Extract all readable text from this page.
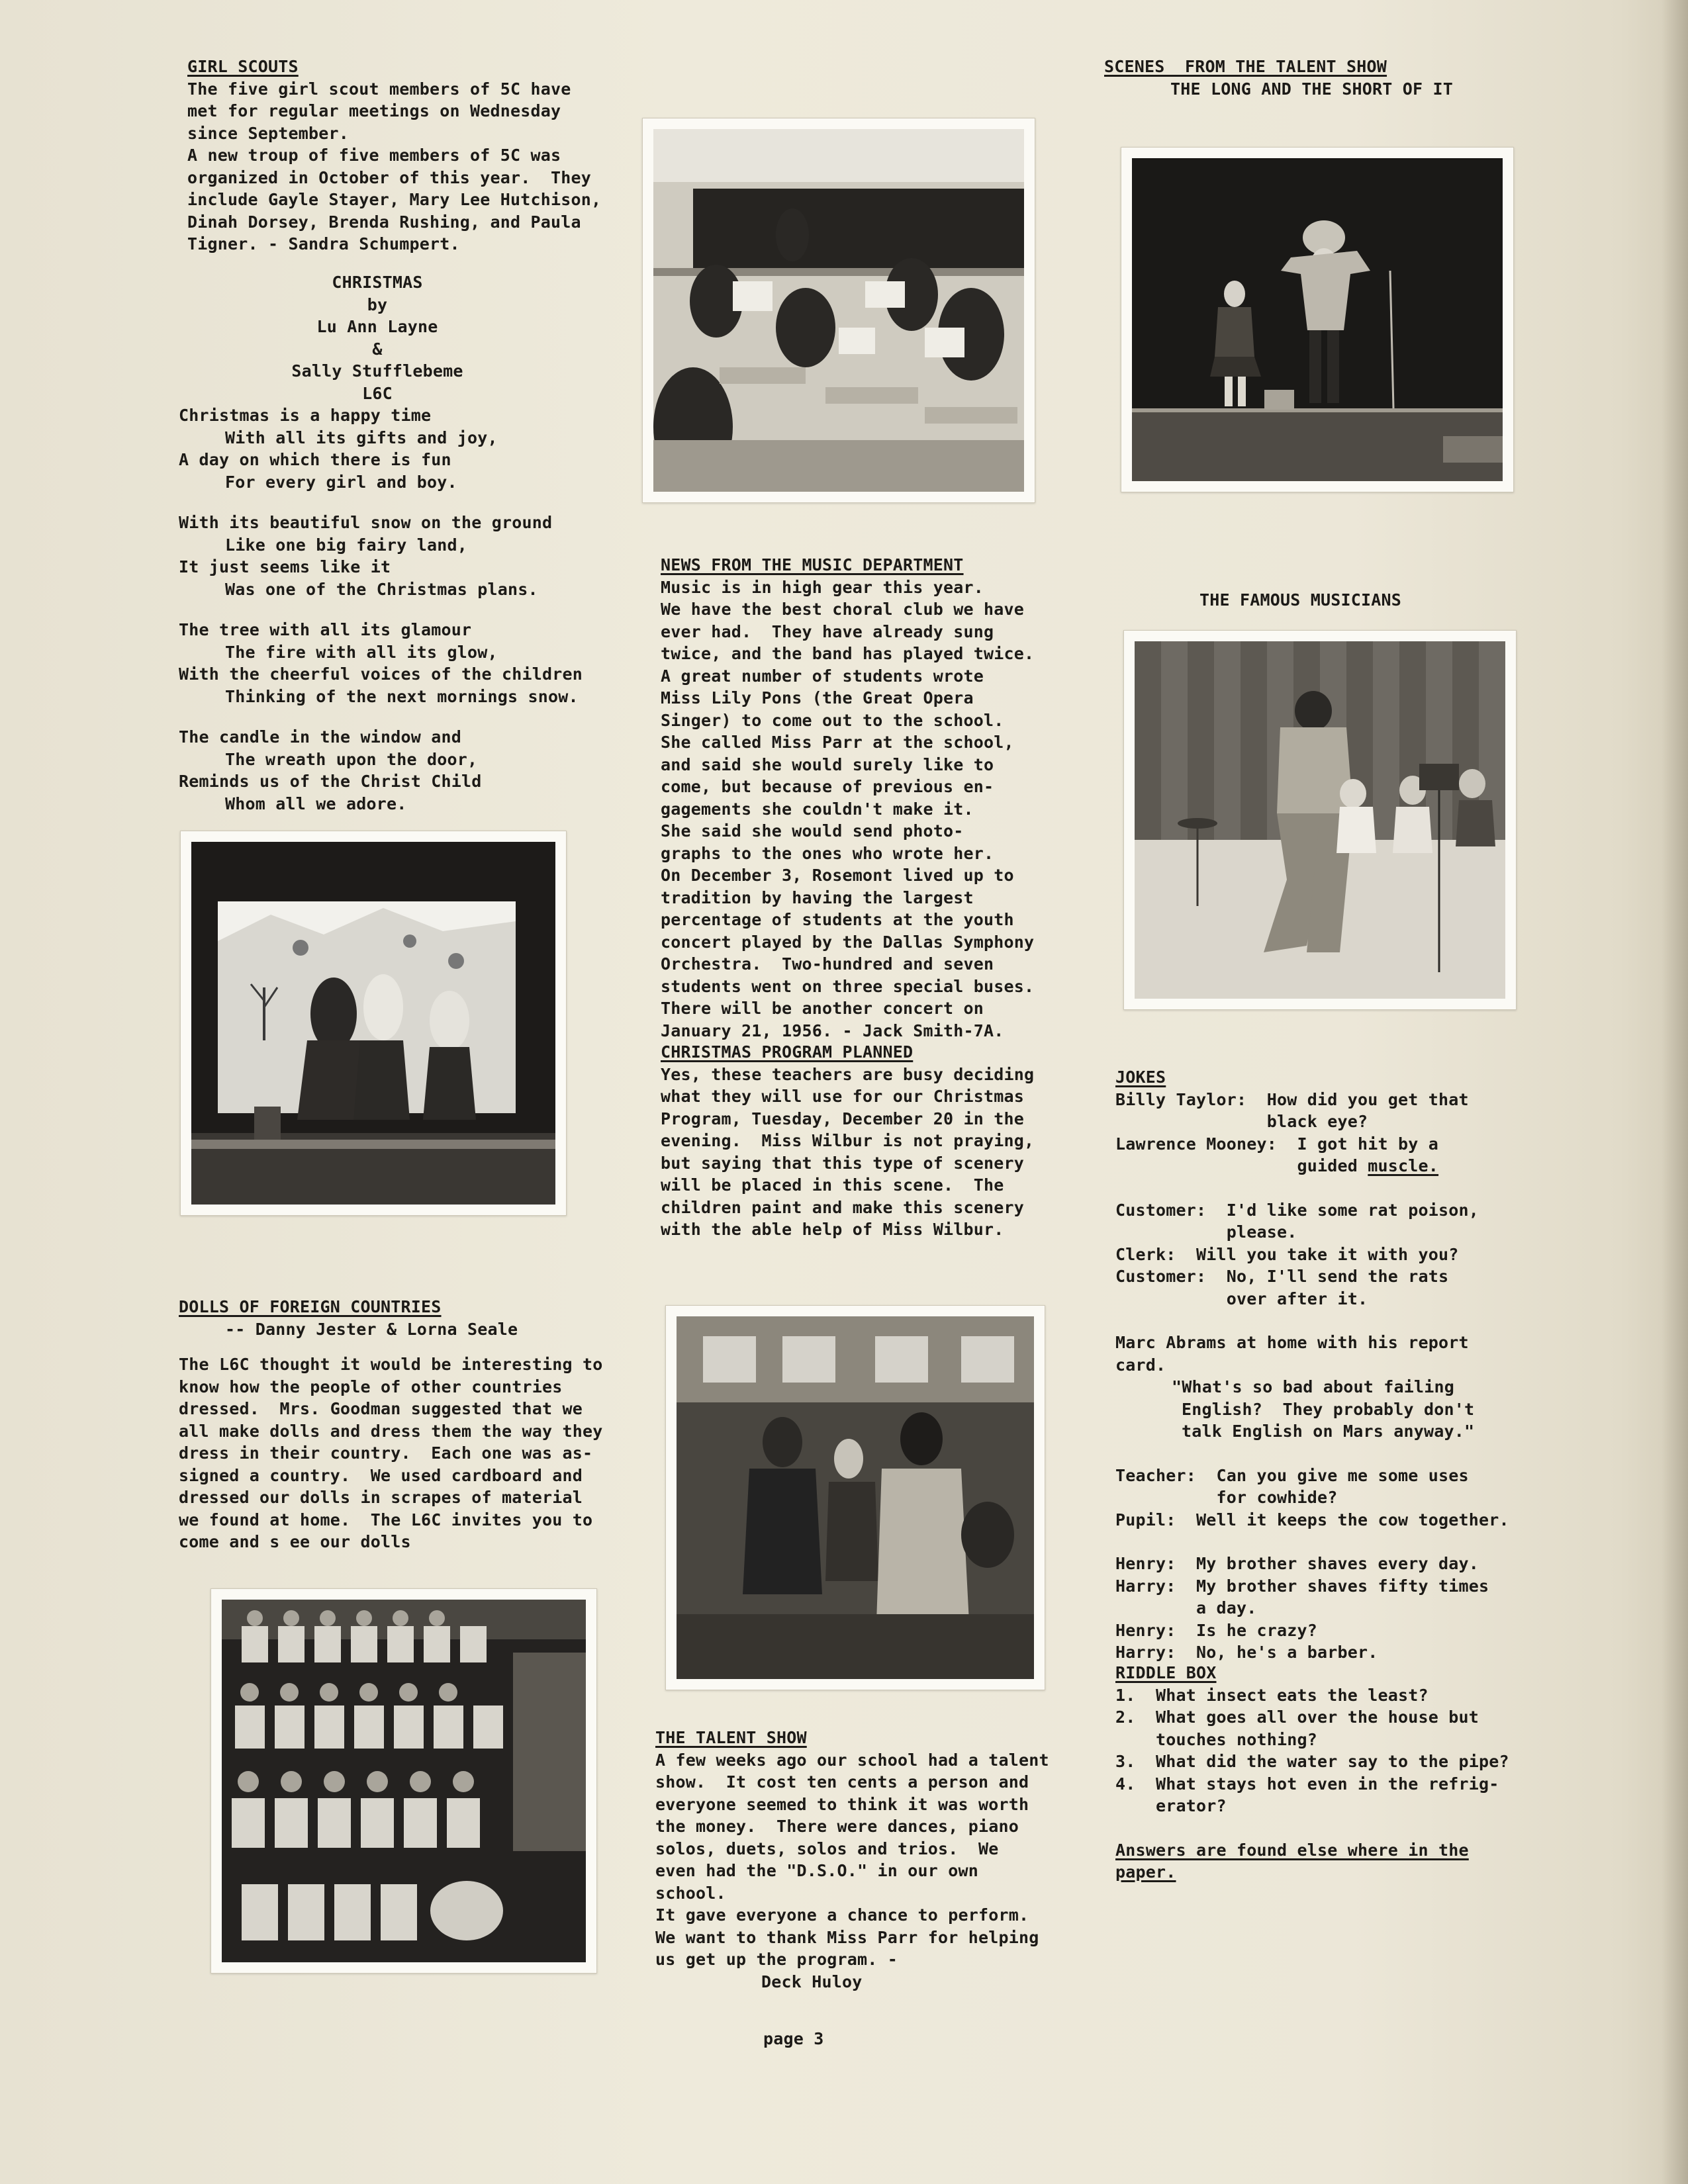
GIRL SCOUTS

The five girl scout members of 5C have

met for regular meetings on Wednesday

since September.

A new troup of five members of 5C was

organized in October of this year.  They

include Gayle Stayer, Mary Lee Hutchison,

Dinah Dorsey, Brenda Rushing, and Paula

Tigner. - Sandra Schumpert.

CHRISTMAS

by

Lu Ann Layne

&

Sally Stufflebeme

L6C

Christmas is a happy time

With all its gifts and joy,

A day on which there is fun

For every girl and boy.

With its beautiful snow on the ground

Like one big fairy land,

It just seems like it

Was one of the Christmas plans.

The tree with all its glamour

The fire with all its glow,

With the cheerful voices of the children

Thinking of the next mornings snow.

The candle in the window and

The wreath upon the door,

Reminds us of the Christ Child

Whom all we adore.

DOLLS OF FOREIGN COUNTRIES

-- Danny Jester & Lorna Seale

The L6C thought it would be interesting to

know how the people of other countries

dressed.  Mrs. Goodman suggested that we

all make dolls and dress them the way they

dress in their country.  Each one was as-

signed a country.  We used cardboard and

dressed our dolls in scrapes of material

we found at home.  The L6C invites you to

come and s ee our dolls

NEWS FROM THE MUSIC DEPARTMENT

Music is in high gear this year.

We have the best choral club we have

ever had.  They have already sung

twice, and the band has played twice.

A great number of students wrote

Miss Lily Pons (the Great Opera

Singer) to come out to the school.

She called Miss Parr at the school,

and said she would surely like to

come, but because of previous en-

gagements she couldn't make it.

She said she would send photo-

graphs to the ones who wrote her.

On December 3, Rosemont lived up to

tradition by having the largest

percentage of students at the youth

concert played by the Dallas Symphony

Orchestra.  Two-hundred and seven

students went on three special buses.

There will be another concert on

January 21, 1956. - Jack Smith-7A.

CHRISTMAS PROGRAM PLANNED

Yes, these teachers are busy deciding

what they will use for our Christmas

Program, Tuesday, December 20 in the

evening.  Miss Wilbur is not praying,

but saying that this type of scenery

will be placed in this scene.  The

children paint and make this scenery

with the able help of Miss Wilbur.

THE TALENT SHOW

A few weeks ago our school had a talent

show.  It cost ten cents a person and

everyone seemed to think it was worth

the money.  There were dances, piano

solos, duets, solos and trios.  We

even had the "D.S.O." in our own

school.

It gave everyone a chance to perform.

We want to thank Miss Parr for helping

us get up the program. -

Deck Huloy

page 3

SCENES  FROM THE TALENT SHOW

THE LONG AND THE SHORT OF IT

THE FAMOUS MUSICIANS

JOKES

Billy Taylor: How did you get that

black eye?
Lawrence Mooney: I got hit by a

guided muscle.

Customer: I'd like some rat poison,

please.
Clerk: Will you take it with you?
Customer: No, I'll send the rats

over after it.

Marc Abrams at home with his report

card.

"What's so bad about failing

English?  They probably don't

talk English on Mars anyway."

Teacher: Can you give me some uses

for cowhide?
Pupil: Well it keeps the cow together.

Henry: My brother shaves every day.
Harry: My brother shaves fifty times

a day.
Henry: Is he crazy?
Harry: No, he's a barber.

RIDDLE BOX

1. What insect eats the least?
2. What goes all over the house but

touches nothing?
3. What did the water say to the pipe?
4. What stays hot even in the refrig-

erator?

Answers are found else where in the

paper.
